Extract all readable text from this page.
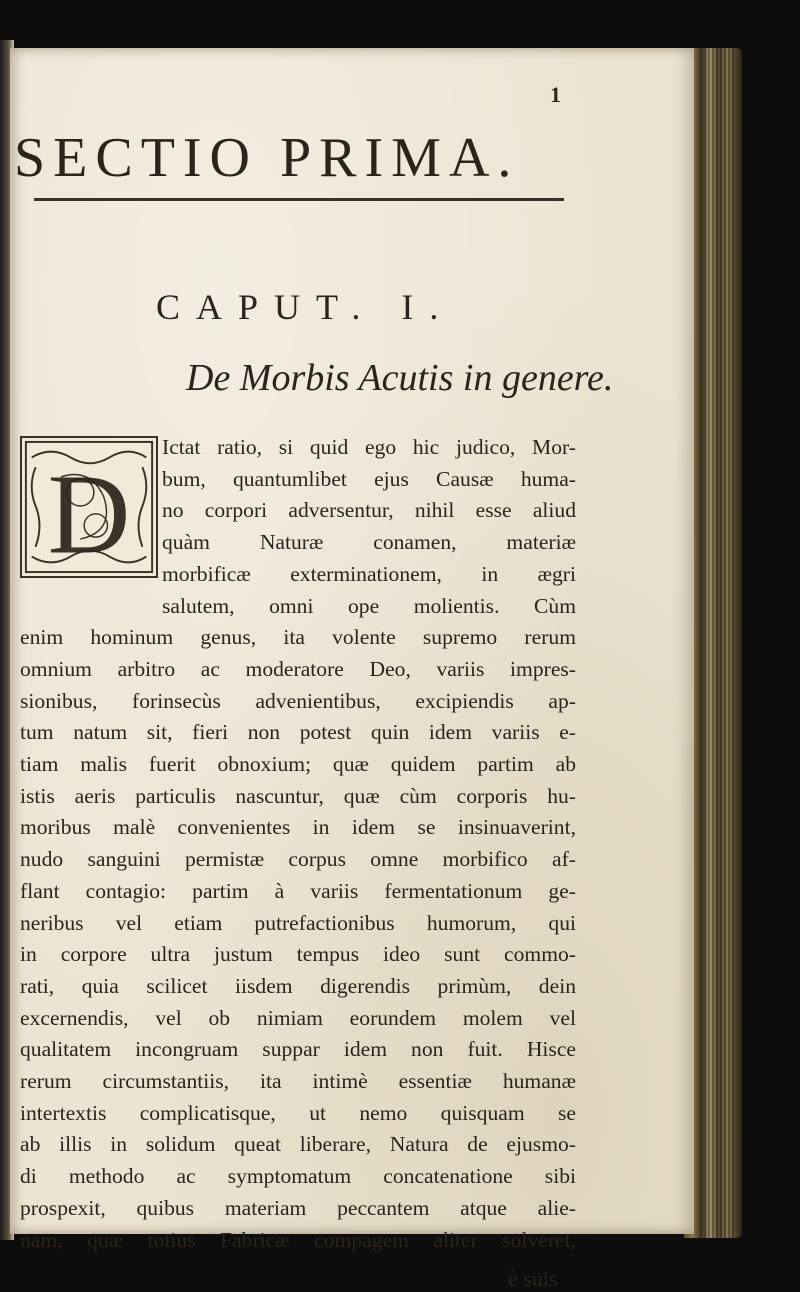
1
SECTIO PRIMA.
CAPUT. I.
De Morbis Acutis in genere.
D
Ictat ratio, si quid ego hic judico, Mor-
bum, quantumlibet ejus Causæ huma-
no corpori adversentur, nihil esse aliud
quàm Naturæ conamen, materiæ
morbificæ exterminationem, in ægri
salutem, omni ope molientis. Cùm
enim hominum genus, ita volente supremo rerum
omnium arbitro ac moderatore Deo, variis impres-
sionibus, forinsecùs advenientibus, excipiendis ap-
tum natum sit, fieri non potest quin idem variis e-
tiam malis fuerit obnoxium; quæ quidem partim ab
istis aeris particulis nascuntur, quæ cùm corporis hu-
moribus malè convenientes in idem se insinuaverint,
nudo sanguini permistæ corpus omne morbifico af-
flant contagio: partim à variis fermentationum ge-
neribus vel etiam putrefactionibus humorum, qui
in corpore ultra justum tempus ideo sunt commo-
rati, quia scilicet iisdem digerendis primùm, dein
excernendis, vel ob nimiam eorundem molem vel
qualitatem incongruam suppar idem non fuit. Hisce
rerum circumstantiis, ita intimè essentiæ humanæ
intertextis complicatisque, ut nemo quisquam se
ab illis in solidum queat liberare, Natura de ejusmo-
di methodo ac symptomatum concatenatione sibi
prospexit, quibus materiam peccantem atque alie-
nam, quæ totius Fabricæ compagem aliter solveret,
è suis
